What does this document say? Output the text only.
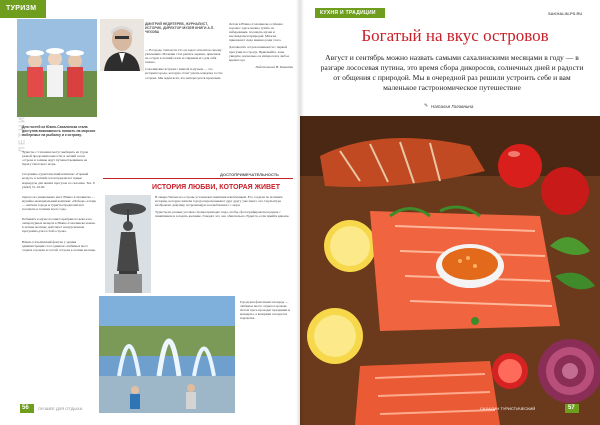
ТУРИЗМ
Для гостей из Южно-Сахалинска стала доступна возможность попасть на морское побережье на рыбалку и к острову.
Туристы с Сахалина могут выбирать из туров разной продолжительности; в летний сезон острова и заливы ждут путешественников на берегу Охотского моря.
Спортивно-туристический комплекс «Горный воздух» в летний сезон предлагает новые маршруты для пеших прогулок по склонам. Тел. 8 (4242) 51-19-00.
Одного из уникальных мест Южно-Сахалинска — музейно-мемориальный комплекс «Победа» и парк — жители города и туристы предпочитают посещать в течение всего года.
Побывать в музее поэзии Серебряного века и на литературных вечерах в Южно-Сахалинске можно в летние месяцы; действует экскурсионная программа для гостей острова.
Южно-Сахалинский фонтан у здания администрации стал одним из любимых мест отдыха горожан и гостей острова в летние месяцы.
ДМИТРИЙ НЕДЯТЕРЕВ, ЖУРНАЛИСТ, ИСТОРИК, ДИРЕКТОР МУЗЕЯ КНИГИ А.П. ЧЕХОВА
— В городе считается что он задал отпечаток своему увлечению. Мальчик стал решать заранее, приезжая на остров в летний сезон и открывая его для себя заново.
Сахалинские встречи с книгой и музеем — это история города, которую стоит узнать каждому гостю острова. Мы ждем всех, кто интересуется прошлым.
Летом в Южно-Сахалинске особенно хорошо: здесь можно гулять по набережным, посещать музеи и наслаждаться природой. Многие приезжают сюда именно ради этого.
Для многих остров начинается с первой прогулки по городу. Приезжайте, и вы увидите, насколько он интересен в любое время года.
Подготовила Н. Ковалёва
ДОСТОПРИМЕЧАТЕЛЬНОСТЬ
ИСТОРИЯ ЛЮБВИ, КОТОРАЯ ЖИВЕТ
В сквере Чехова на острове установлен памятник влюбленным. Его создали по мотивам истории, которую жители города пересказывают друг другу уже много лет. Скульптура изображает девушку, встречающую возлюбленного с моря.
Туристы из разных уголков страны приходят сюда, чтобы сфотографироваться рядом с памятником и загадать желание. Говорят, что оно обязательно сбудется, если прийти вдвоем.
Городская фонтанная площадь — любимое место отдыха горожан. Летом здесь проходят праздники и концерты, а вечерами загорается подсветка.
56 ЛУЧШЕЕ ДЛЯ ОТДЫХА
КУХНЯ И ТРАДИЦИИ	SAKHALIN-PS.RU
Богатый на вкус островов
Август и сентябрь можно назвать самыми сахалинскими месяцами в году — в разгаре лососевая путина, это время сбора дикоросов, солнечных дней и радости от общения с природой. Мы в очередной раз решили устроить себе и вам маленькое гастрономическое путешествие
✎ Наталья Головнина
САХАЛИН ТУРИСТИЧЕСКИЙ	57
